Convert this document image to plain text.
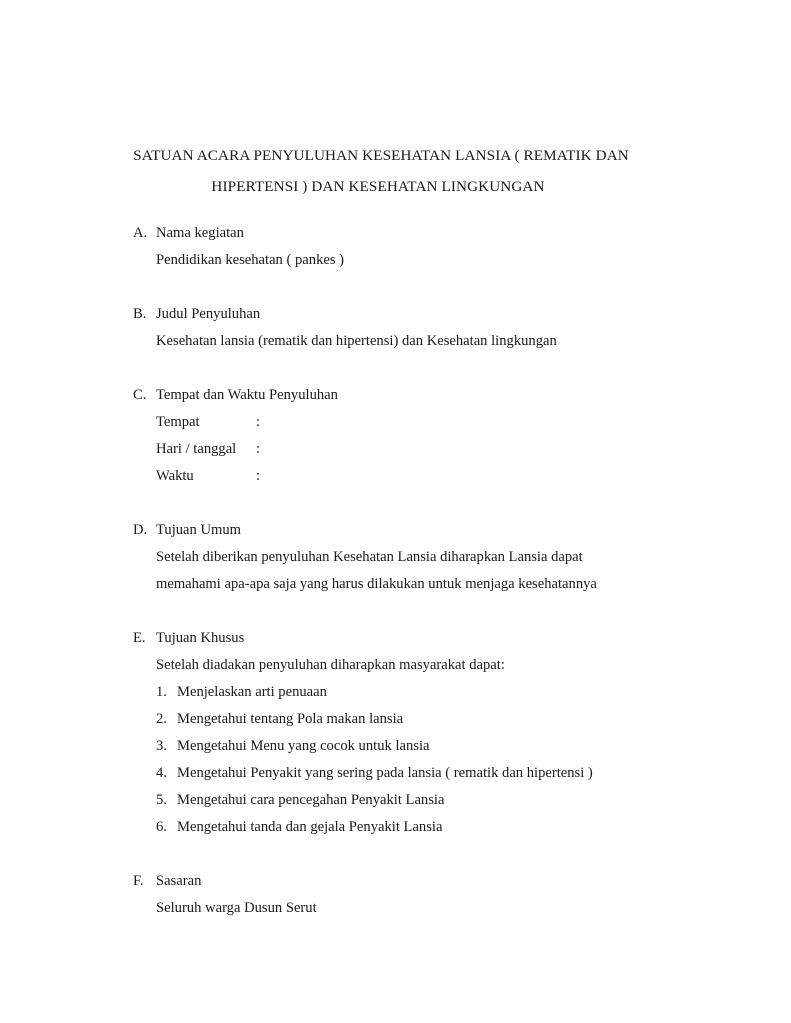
SATUAN ACARA PENYULUHAN KESEHATAN LANSIA ( REMATIK DAN
HIPERTENSI ) DAN KESEHATAN LINGKUNGAN
A. Nama kegiatan
Pendidikan kesehatan ( pankes )
B. Judul Penyuluhan
Kesehatan lansia (rematik dan hipertensi) dan Kesehatan lingkungan
C. Tempat dan Waktu Penyuluhan
Tempat	:
Hari / tanggal :
Waktu	:
D. Tujuan Umum

Setelah diberikan penyuluhan Kesehatan Lansia diharapkan Lansia dapat

memahami apa-apa saja yang harus dilakukan untuk menjaga kesehatannya

E. Tujuan Khusus
Setelah diadakan penyuluhan diharapkan masyarakat dapat:
1. Menjelaskan arti penuaan
2. Mengetahui tentang Pola makan lansia
3. Mengetahui Menu yang cocok untuk lansia
4. Mengetahui Penyakit yang sering pada lansia ( rematik dan hipertensi )
5. Mengetahui cara pencegahan Penyakit Lansia
6. Mengetahui tanda dan gejala Penyakit Lansia
F. Sasaran
Seluruh warga Dusun Serut
